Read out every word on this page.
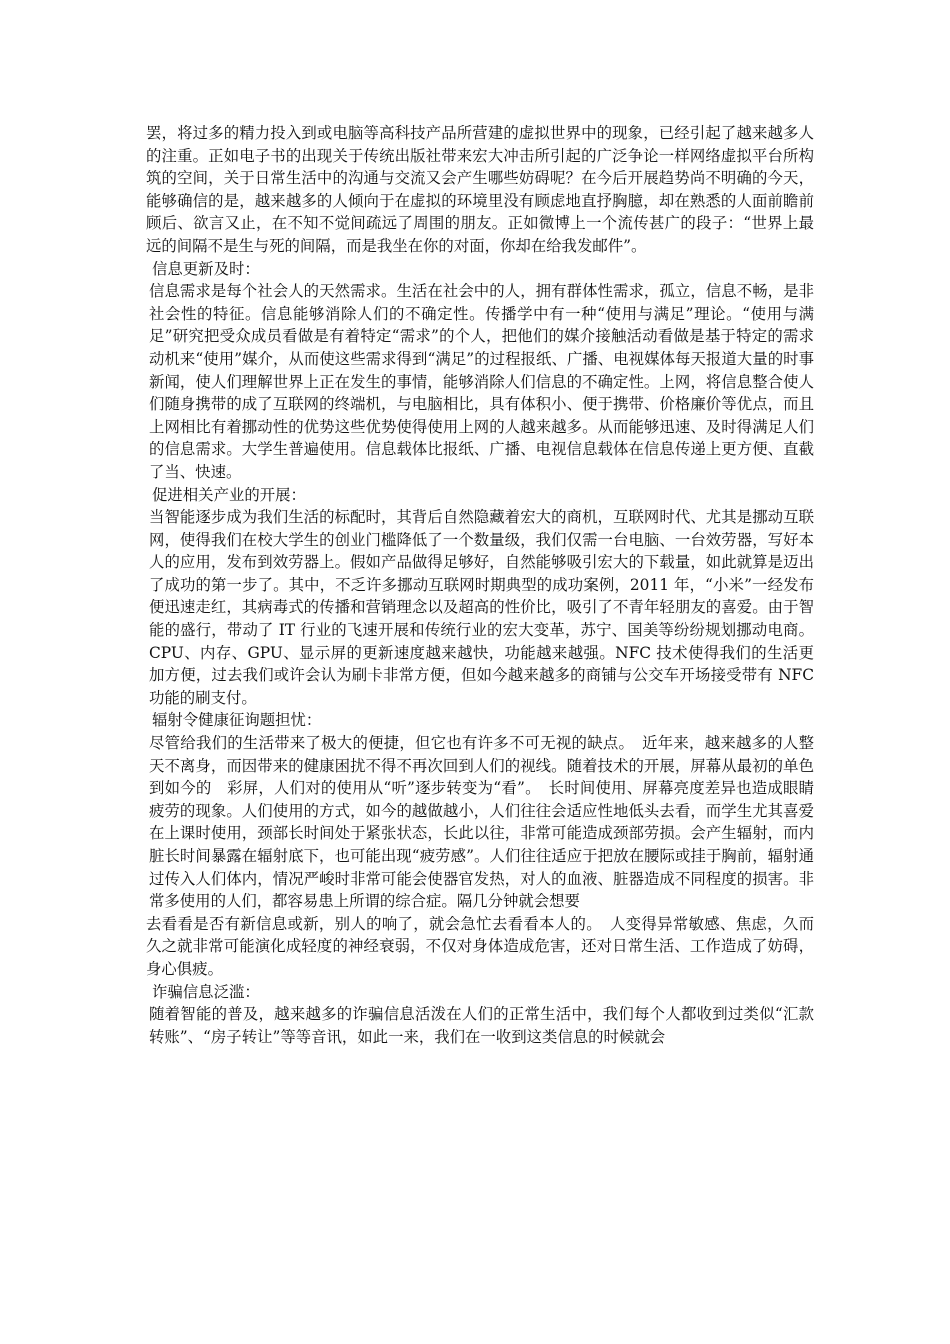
罢，将过多的精力投入到或电脑等高科技产品所营建的虚拟世界中的现象，已经引起了越来越多人的注重。正如电子书的出现关于传统出版社带来宏大冲击所引起的广泛争论一样网络虚拟平台所构筑的空间，关于日常生活中的沟通与交流又会产生哪些妨碍呢？在今后开展趋势尚不明确的今天，能够确信的是，越来越多的人倾向于在虚拟的环境里没有顾虑地直抒胸臆，却在熟悉的人面前瞻前顾后、欲言又止，在不知不觉间疏远了周围的朋友。正如微博上一个流传甚广的段子：“世界上最远的间隔不是生与死的间隔，而是我坐在你的对面，你却在给我发邮件”。

信息更新及时：

信息需求是每个社会人的天然需求。生活在社会中的人，拥有群体性需求，孤立，信息不畅，是非社会性的特征。信息能够消除人们的不确定性。传播学中有一种“使用与满足”理论。“使用与满足”研究把受众成员看做是有着特定“需求”的个人，把他们的媒介接触活动看做是基于特定的需求动机来“使用”媒介，从而使这些需求得到“满足”的过程报纸、广播、电视媒体每天报道大量的时事新闻，使人们理解世界上正在发生的事情，能够消除人们信息的不确定性。上网，将信息整合使人们随身携带的成了互联网的终端机，与电脑相比，具有体积小、便于携带、价格廉价等优点，而且上网相比有着挪动性的优势这些优势使得使用上网的人越来越多。从而能够迅速、及时得满足人们的信息需求。大学生普遍使用。信息载体比报纸、广播、电视信息载体在信息传递上更方便、直截了当、快速。

促进相关产业的开展：

当智能逐步成为我们生活的标配时，其背后自然隐藏着宏大的商机，互联网时代、尤其是挪动互联网，使得我们在校大学生的创业门槛降低了一个数量级，我们仅需一台电脑、一台效劳器，写好本人的应用，发布到效劳器上。假如产品做得足够好，自然能够吸引宏大的下载量，如此就算是迈出了成功的第一步了。其中，不乏许多挪动互联网时期典型的成功案例，2011 年，“小米”一经发布便迅速走红，其病毒式的传播和营销理念以及超高的性价比，吸引了不青年轻朋友的喜爱。由于智能的盛行，带动了 IT 行业的飞速开展和传统行业的宏大变革，苏宁、国美等纷纷规划挪动电商。CPU、内存、GPU、显示屏的更新速度越来越快，功能越来越强。NFC 技术使得我们的生活更加方便，过去我们或许会认为刷卡非常方便，但如今越来越多的商铺与公交车开场接受带有 NFC 功能的刷支付。

辐射令健康征询题担忧：

尽管给我们的生活带来了极大的便捷，但它也有许多不可无视的缺点。　近年来，越来越多的人整天不离身，而因带来的健康困扰不得不再次回到人们的视线。随着技术的开展，屏幕从最初的单色到如今的　彩屏，人们对的使用从“听”逐步转变为“看”。　长时间使用、屏幕亮度差异也造成眼睛疲劳的现象。人们使用的方式，如今的越做越小，人们往往会适应性地低头去看，而学生尤其喜爱在上课时使用，颈部长时间处于紧张状态，长此以往，非常可能造成颈部劳损。会产生辐射，而内脏长时间暴露在辐射底下，也可能出现“疲劳感”。人们往往适应于把放在腰际或挂于胸前，辐射通过传入人们体内，情况严峻时非常可能会使器官发热，对人的血液、脏器造成不同程度的损害。非常多使用的人们，都容易患上所谓的综合症。隔几分钟就会想要

去看看是否有新信息或新，别人的响了，就会急忙去看看本人的。　人变得异常敏感、焦虑，久而久之就非常可能演化成轻度的神经衰弱，不仅对身体造成危害，还对日常生活、工作造成了妨碍，身心俱疲。

诈骗信息泛滥：

随着智能的普及，越来越多的诈骗信息活泼在人们的正常生活中，我们每个人都收到过类似“汇款转账”、“房子转让”等等音讯，如此一来，我们在一收到这类信息的时候就会
